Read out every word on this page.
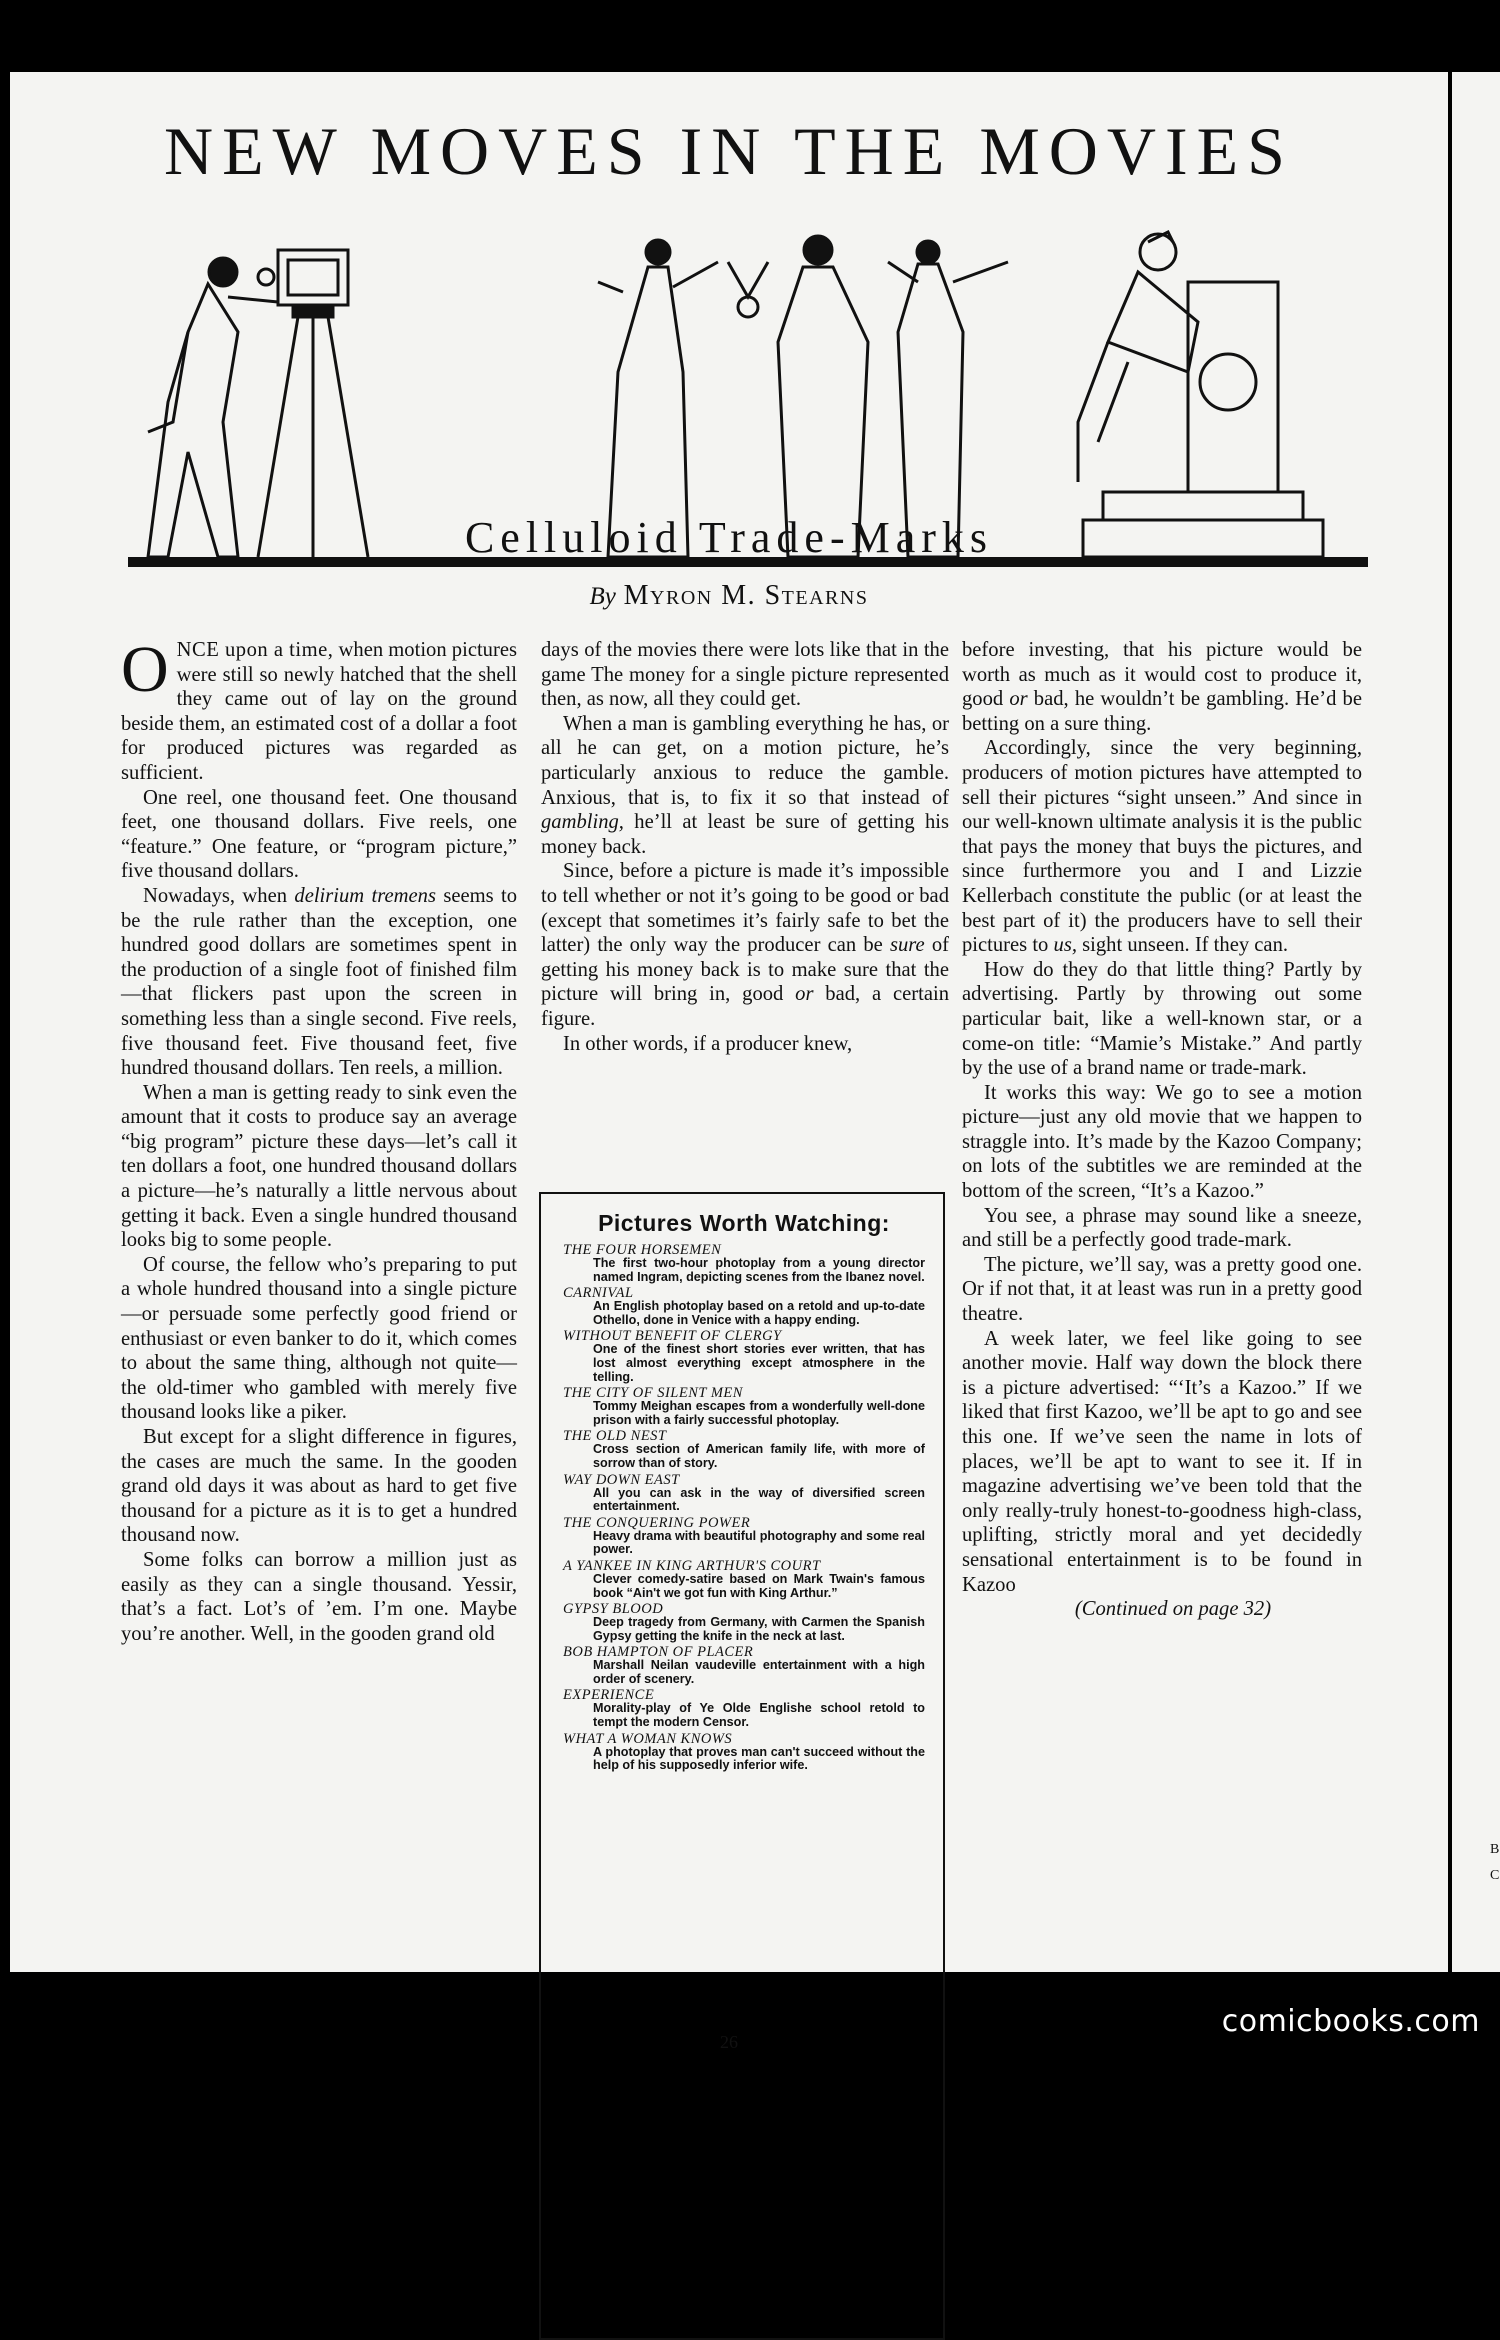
NEW MOVES IN THE MOVIES
Celluloid Trade-Marks
By Myron M. Stearns

ONCE upon a time, when motion pictures were still so newly hatched that the shell they came out of lay on the ground beside them, an estimated cost of a dollar a foot for produced pictures was regarded as sufficient.

One reel, one thousand feet. One thousand feet, one thousand dollars. Five reels, one “feature.” One feature, or “program picture,” five thousand dollars.

Nowadays, when delirium tremens seems to be the rule rather than the exception, one hundred good dollars are sometimes spent in the production of a single foot of finished film—that flickers past upon the screen in something less than a single second. Five reels, five thousand feet. Five thousand feet, five hundred thousand dollars. Ten reels, a million.

When a man is getting ready to sink even the amount that it costs to produce say an average “big program” picture these days—let’s call it ten dollars a foot, one hundred thousand dollars a picture—he’s naturally a little nervous about getting it back. Even a single hundred thousand looks big to some people.

Of course, the fellow who’s preparing to put a whole hundred thousand into a single picture—or persuade some perfectly good friend or enthusiast or even banker to do it, which comes to about the same thing, although not quite—the old-timer who gambled with merely five thousand looks like a piker.

But except for a slight difference in figures, the cases are much the same. In the gooden grand old days it was about as hard to get five thousand for a picture as it is to get a hundred thousand now.

Some folks can borrow a million just as easily as they can a single thousand. Yessir, that’s a fact. Lot’s of ’em. I’m one. Maybe you’re another. Well, in the gooden grand old

days of the movies there were lots like that in the game The money for a single picture represented then, as now, all they could get.

When a man is gambling everything he has, or all he can get, on a motion picture, he’s particularly anxious to reduce the gamble. Anxious, that is, to fix it so that instead of gambling, he’ll at least be sure of getting his money back.

Since, before a picture is made it’s impossible to tell whether or not it’s going to be good or bad (except that sometimes it’s fairly safe to bet the latter) the only way the producer can be sure of getting his money back is to make sure that the picture will bring in, good or bad, a certain figure.

In other words, if a producer knew,

before investing, that his picture would be worth as much as it would cost to produce it, good or bad, he wouldn’t be gambling. He’d be betting on a sure thing.

Accordingly, since the very beginning, producers of motion pictures have attempted to sell their pictures “sight unseen.” And since in our well-known ultimate analysis it is the public that pays the money that buys the pictures, and since furthermore you and I and Lizzie Kellerbach constitute the public (or at least the best part of it) the producers have to sell their pictures to us, sight unseen. If they can.

How do they do that little thing? Partly by advertising. Partly by throwing out some particular bait, like a well-known star, or a come-on title: “Mamie’s Mistake.” And partly by the use of a brand name or trade-mark.

It works this way: We go to see a motion picture—just any old movie that we happen to straggle into. It’s made by the Kazoo Company; on lots of the subtitles we are reminded at the bottom of the screen, “It’s a Kazoo.”

You see, a phrase may sound like a sneeze, and still be a perfectly good trade-mark.

The picture, we’ll say, was a pretty good one. Or if not that, it at least was run in a pretty good theatre.

A week later, we feel like going to see another movie. Half way down the block there is a picture advertised: “‘It’s a Kazoo.” If we liked that first Kazoo, we’ll be apt to go and see this one. If we’ve seen the name in lots of places, we’ll be apt to want to see it. If in magazine advertising we’ve been told that the only really-truly honest-to-goodness high-class, uplifting, strictly moral and yet decidedly sensational entertainment is to be found in Kazoo

(Continued on page 32)

Pictures Worth Watching:
THE FOUR HORSEMEN
The first two-hour photoplay from a young director named Ingram, depicting scenes from the Ibanez novel.
CARNIVAL
An English photoplay based on a retold and up-to-date Othello, done in Venice with a happy ending.
WITHOUT BENEFIT OF CLERGY
One of the finest short stories ever written, that has lost almost everything except atmosphere in the telling.
THE CITY OF SILENT MEN
Tommy Meighan escapes from a wonderfully well-done prison with a fairly successful photoplay.
THE OLD NEST
Cross section of American family life, with more of sorrow than of story.
WAY DOWN EAST
All you can ask in the way of diversified screen entertainment.
THE CONQUERING POWER
Heavy drama with beautiful photography and some real power.
A YANKEE IN KING ARTHUR'S COURT
Clever comedy-satire based on Mark Twain's famous book “Ain't we got fun with King Arthur.”
GYPSY BLOOD
Deep tragedy from Germany, with Carmen the Spanish Gypsy getting the knife in the neck at last.
BOB HAMPTON OF PLACER
Marshall Neilan vaudeville entertainment with a high order of scenery.
EXPERIENCE
Morality-play of Ye Olde Englishe school retold to tempt the modern Censor.
WHAT A WOMAN KNOWS
A photoplay that proves man can't succeed without the help of his supposedly inferior wife.
26
B
C
comicbooks.com
